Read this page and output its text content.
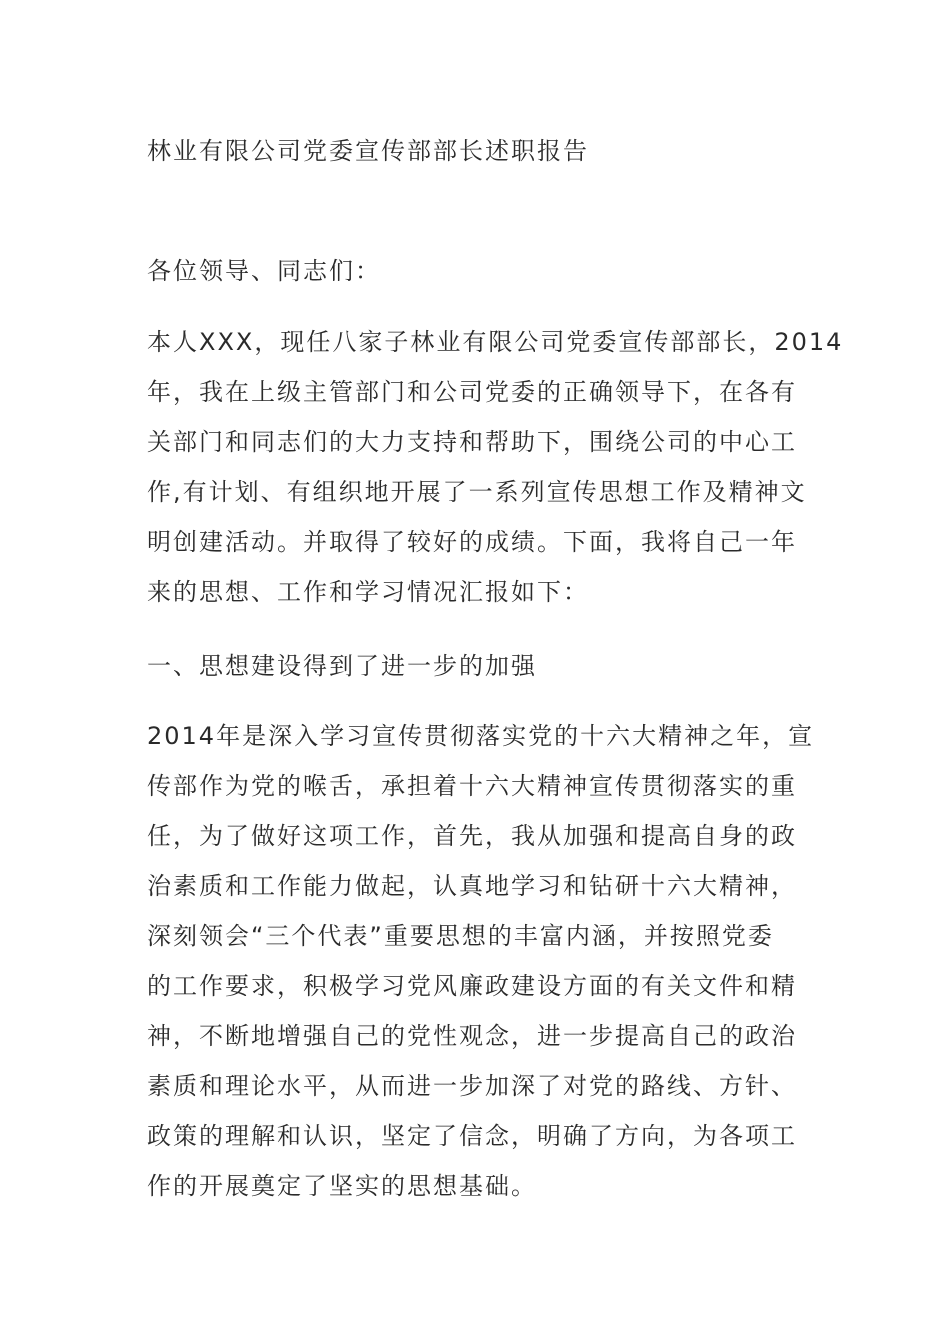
林业有限公司党委宣传部部长述职报告
各位领导、同志们：
本人XXX，现任八家子林业有限公司党委宣传部部长，2014
年，我在上级主管部门和公司党委的正确领导下，在各有
关部门和同志们的大力支持和帮助下，围绕公司的中心工
作,有计划、有组织地开展了一系列宣传思想工作及精神文
明创建活动。并取得了较好的成绩。下面，我将自己一年
来的思想、工作和学习情况汇报如下：
一、思想建设得到了进一步的加强
2014年是深入学习宣传贯彻落实党的十六大精神之年，宣
传部作为党的喉舌，承担着十六大精神宣传贯彻落实的重
任，为了做好这项工作，首先，我从加强和提高自身的政
治素质和工作能力做起，认真地学习和钻研十六大精神，
深刻领会“三个代表”重要思想的丰富内涵，并按照党委
的工作要求，积极学习党风廉政建设方面的有关文件和精
神，不断地增强自己的党性观念，进一步提高自己的政治
素质和理论水平，从而进一步加深了对党的路线、方针、
政策的理解和认识，坚定了信念，明确了方向，为各项工
作的开展奠定了坚实的思想基础。
